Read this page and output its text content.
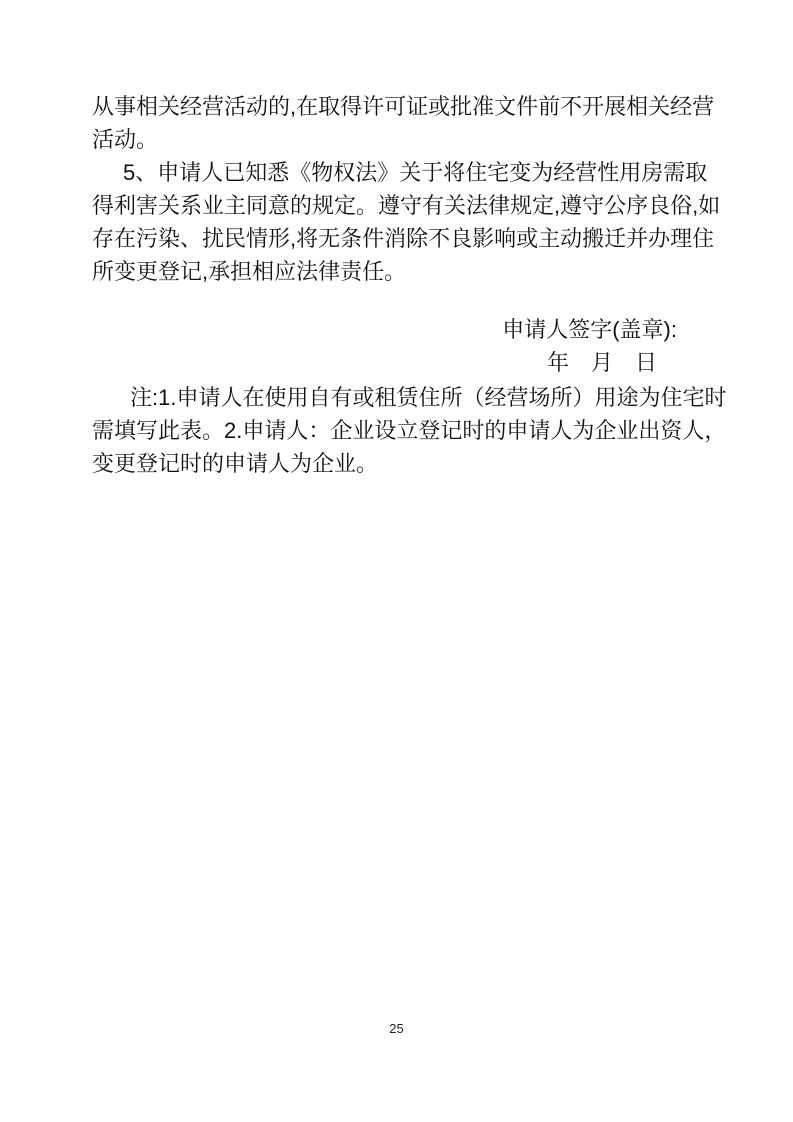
从事相关经营活动的,在取得许可证或批准文件前不开展相关经营
活动。
5、申请人已知悉《物权法》关于将住宅变为经营性用房需取
得利害关系业主同意的规定。遵守有关法律规定,遵守公序良俗,如
存在污染、扰民情形,将无条件消除不良影响或主动搬迁并办理住
所变更登记,承担相应法律责任。
申请人签字(盖章):
年　月　日
注:1.申请人在使用自有或租赁住所（经营场所）用途为住宅时
需填写此表。2.申请人：企业设立登记时的申请人为企业出资人，
变更登记时的申请人为企业。
25
